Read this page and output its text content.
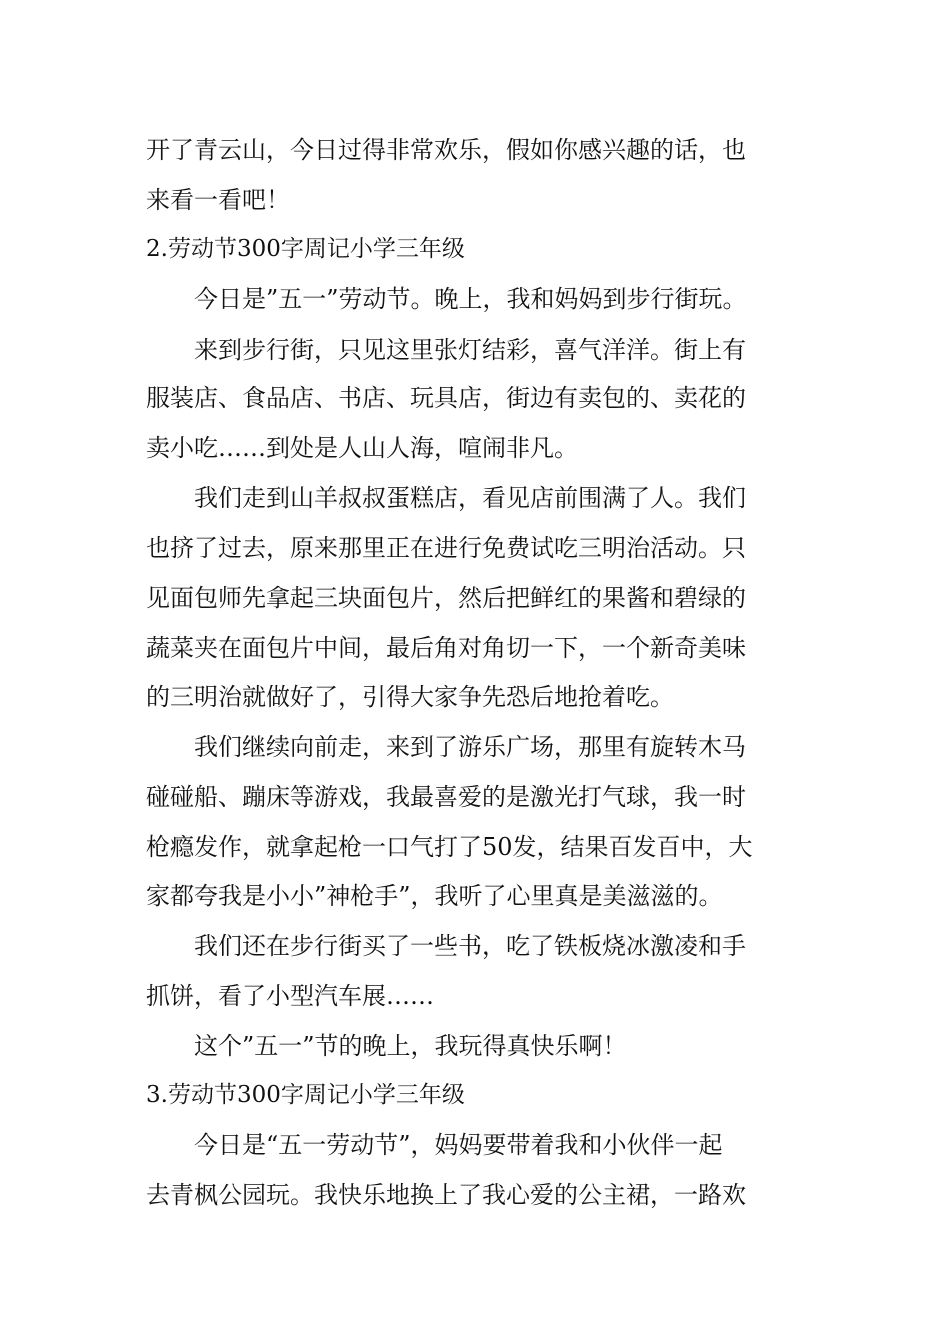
开了青云山，今日过得非常欢乐，假如你感兴趣的话，也
来看一看吧！
2.劳动节300字周记小学三年级
今日是”五一”劳动节。晚上，我和妈妈到步行街玩。
来到步行街，只见这里张灯结彩，喜气洋洋。街上有
服装店、食品店、书店、玩具店，街边有卖包的、卖花的
卖小吃……到处是人山人海，喧闹非凡。
我们走到山羊叔叔蛋糕店，看见店前围满了人。我们
也挤了过去，原来那里正在进行免费试吃三明治活动。只
见面包师先拿起三块面包片，然后把鲜红的果酱和碧绿的
蔬菜夹在面包片中间，最后角对角切一下，一个新奇美味
的三明治就做好了，引得大家争先恐后地抢着吃。
我们继续向前走，来到了游乐广场，那里有旋转木马
碰碰船、蹦床等游戏，我最喜爱的是激光打气球，我一时
枪瘾发作，就拿起枪一口气打了50发，结果百发百中，大
家都夸我是小小”神枪手”，我听了心里真是美滋滋的。
我们还在步行街买了一些书，吃了铁板烧冰激凌和手
抓饼，看了小型汽车展……
这个”五一”节的晚上，我玩得真快乐啊！
3.劳动节300字周记小学三年级
今日是“五一劳动节”，妈妈要带着我和小伙伴一起
去青枫公园玩。我快乐地换上了我心爱的公主裙，一路欢
